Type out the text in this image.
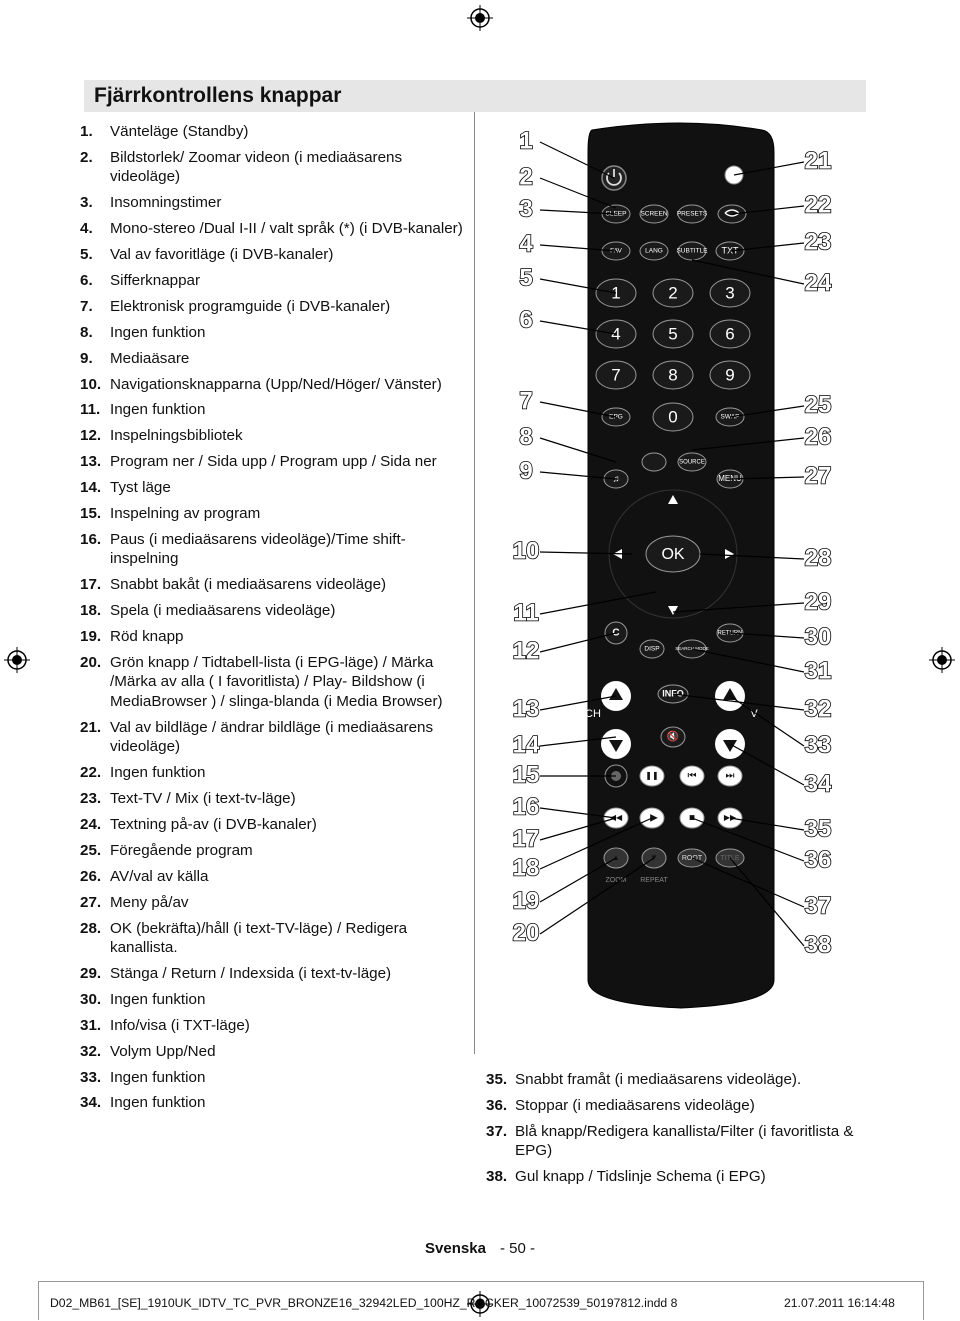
Fjärrkontrollens knappar
1.	Vänteläge (Standby)
2.	Bildstorlek/ Zoomar videon (i mediaäsarens videoläge)
3.	Insomningstimer
4.	Mono-stereo /Dual I-II / valt språk (*) (i DVB-kanaler)
5.	Val av favoritläge (i DVB-kanaler)
6.	Sifferknappar
7.	Elektronisk programguide (i DVB-kanaler)
8.	Ingen funktion
9.	Mediaäsare
10. Navigationsknapparna (Upp/Ned/Höger/ Vänster)
11. Ingen funktion
12. Inspelningsbibliotek
13. Program ner / Sida upp / Program upp / Sida ner
14. Tyst läge
15. Inspelning av program
16. Paus (i mediaäsarens videoläge)/Time shift-inspelning
17. Snabbt bakåt (i mediaäsarens videoläge)
18. Spela (i mediaäsarens videoläge)
19. Röd knapp
20. Grön knapp / Tidtabell-lista (i EPG-läge) / Märka /Märka av alla ( I favoritlista) / Play- Bildshow (i MediaBrowser ) / slinga-blanda (i Media Browser)
21. Val av bildläge / ändrar bildläge (i mediaäsarens videoläge)
22. Ingen funktion
23. Text-TV / Mix (i text-tv-läge)
24. Textning på-av (i DVB-kanaler)
25. Föregående program
26. AV/val av källa
27. Meny på/av
28. OK (bekräfta)/håll (i text-TV-läge) / Redigera kanallista.
29. Stänga / Return / Indexsida (i text-tv-läge)
30. Ingen funktion
31. Info/visa (i TXT-läge)
32. Volym Upp/Ned
33. Ingen funktion
34. Ingen funktion
35. Snabbt framåt (i mediaäsarens videoläge).
36. Stoppar (i mediaäsarens videoläge)
37. Blå knapp/Redigera kanallista/Filter (i favoritlista & EPG)
38. Gul knapp / Tidslinje Schema (i EPG)
SLEEP SCREEN PRESETS
FAV	LANG SUBTITLE TXT
1	2	3
4	5	6
7	8	9
0
EPG	SWAP
♫
SOURCE
MENU
OK
C	RETURN
DISP	SEARCH MODE
CH	V
INFO
🔇
❚❚	⏮	⏭
◀◀	▶	■	▶▶
▲	▼	ROOT	TITLE
ZOOM REPEAT
1
2
3
4
5
6
7
8
9
10
11
12
13
14
15
16
17
18
19
20
21
22
23
24
25
26
27
28
29
30
31
32
33
34
35
36
37
38
Svenska - 50 -
D02_MB61_[SE]_1910UK_IDTV_TC_PVR_BRONZE16_32942LED_100HZ_ROCKER_10072539_50197812.indd 8	21.07.2011 16:14:48
